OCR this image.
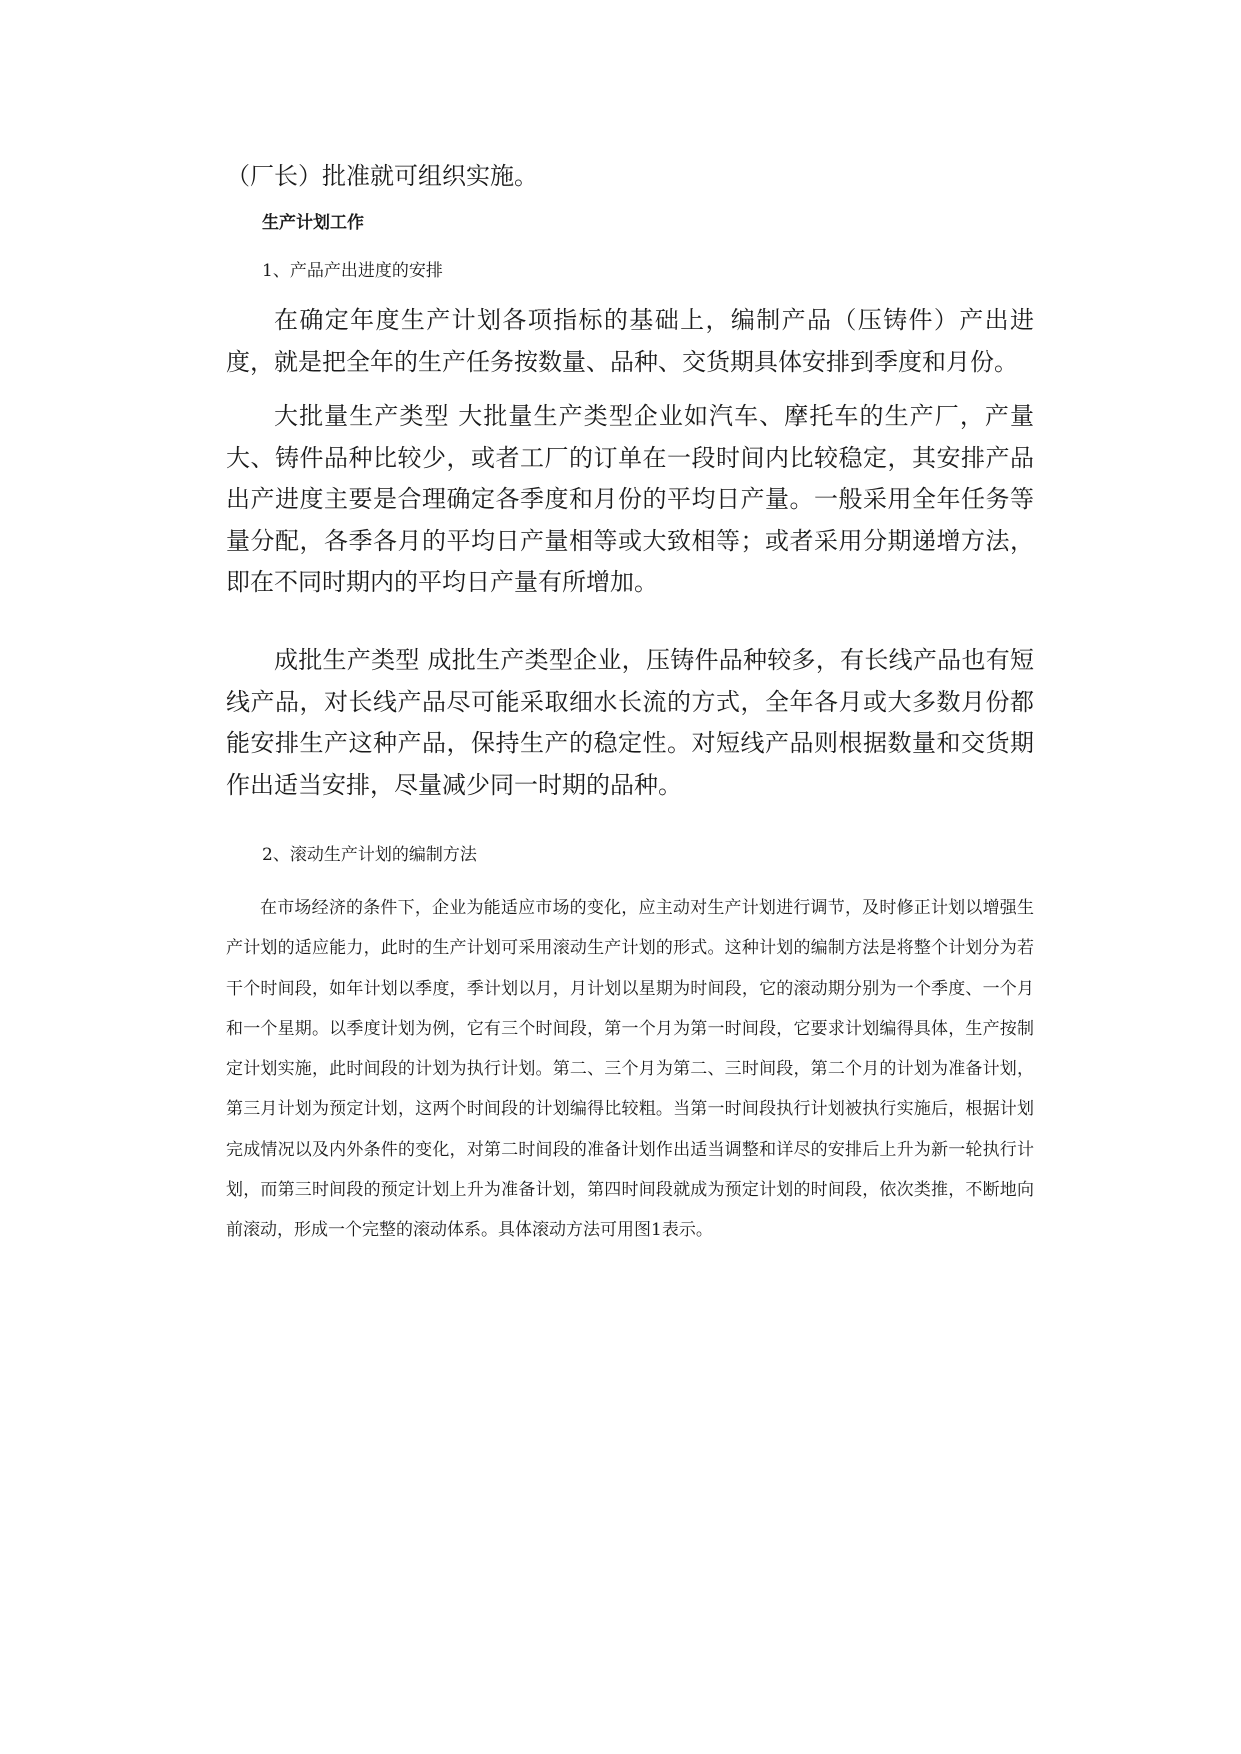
（厂长）批准就可组织实施。

生产计划工作

1、产品产出进度的安排

在确定年度生产计划各项指标的基础上，编制产品（压铸件）产出进度，就是把全年的生产任务按数量、品种、交货期具体安排到季度和月份。

大批量生产类型 大批量生产类型企业如汽车、摩托车的生产厂，产量大、铸件品种比较少，或者工厂的订单在一段时间内比较稳定，其安排产品出产进度主要是合理确定各季度和月份的平均日产量。一般采用全年任务等量分配，各季各月的平均日产量相等或大致相等；或者采用分期递增方法，即在不同时期内的平均日产量有所增加。

成批生产类型 成批生产类型企业，压铸件品种较多，有长线产品也有短线产品，对长线产品尽可能采取细水长流的方式，全年各月或大多数月份都能安排生产这种产品，保持生产的稳定性。对短线产品则根据数量和交货期作出适当安排，尽量减少同一时期的品种。

2、滚动生产计划的编制方法

在市场经济的条件下，企业为能适应市场的变化，应主动对生产计划进行调节，及时修正计划以增强生产计划的适应能力，此时的生产计划可采用滚动生产计划的形式。这种计划的编制方法是将整个计划分为若干个时间段，如年计划以季度，季计划以月，月计划以星期为时间段，它的滚动期分别为一个季度、一个月和一个星期。以季度计划为例，它有三个时间段，第一个月为第一时间段，它要求计划编得具体，生产按制定计划实施，此时间段的计划为执行计划。第二、三个月为第二、三时间段，第二个月的计划为准备计划，第三月计划为预定计划，这两个时间段的计划编得比较粗。当第一时间段执行计划被执行实施后，根据计划完成情况以及内外条件的变化，对第二时间段的准备计划作出适当调整和详尽的安排后上升为新一轮执行计划，而第三时间段的预定计划上升为准备计划，第四时间段就成为预定计划的时间段，依次类推，不断地向前滚动，形成一个完整的滚动体系。具体滚动方法可用图1表示。
